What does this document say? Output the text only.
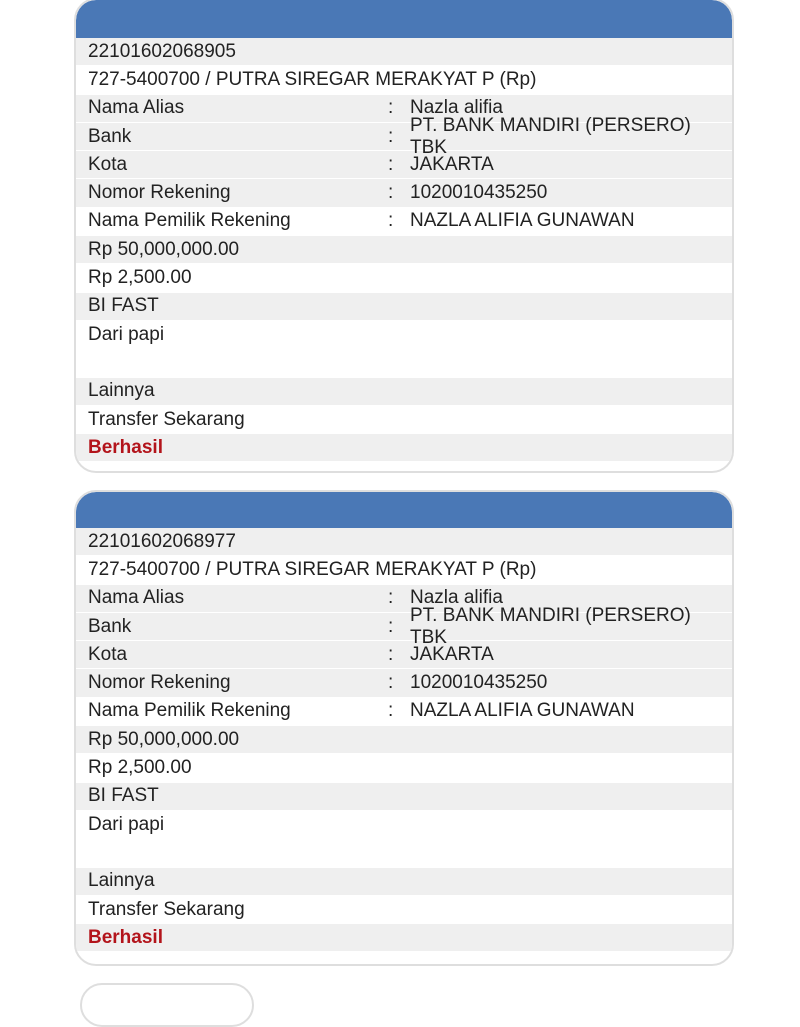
22101602068905
727-5400700 / PUTRA SIREGAR MERAKYAT P (Rp)
Nama Alias	: Nazla alifia
Bank	:
PT. BANK MANDIRI (PERSERO) TBK
Kota	: JAKARTA
Nomor Rekening	: 1020010435250
Nama Pemilik Rekening	: NAZLA ALIFIA GUNAWAN
Rp 50,000,000.00
Rp 2,500.00
BI FAST
Dari papi
Lainnya
Transfer Sekarang
Berhasil
22101602068977
727-5400700 / PUTRA SIREGAR MERAKYAT P (Rp)
Nama Alias	: Nazla alifia
Bank	:
PT. BANK MANDIRI (PERSERO) TBK
Kota	: JAKARTA
Nomor Rekening	: 1020010435250
Nama Pemilik Rekening	: NAZLA ALIFIA GUNAWAN
Rp 50,000,000.00
Rp 2,500.00
BI FAST
Dari papi
Lainnya
Transfer Sekarang
Berhasil
